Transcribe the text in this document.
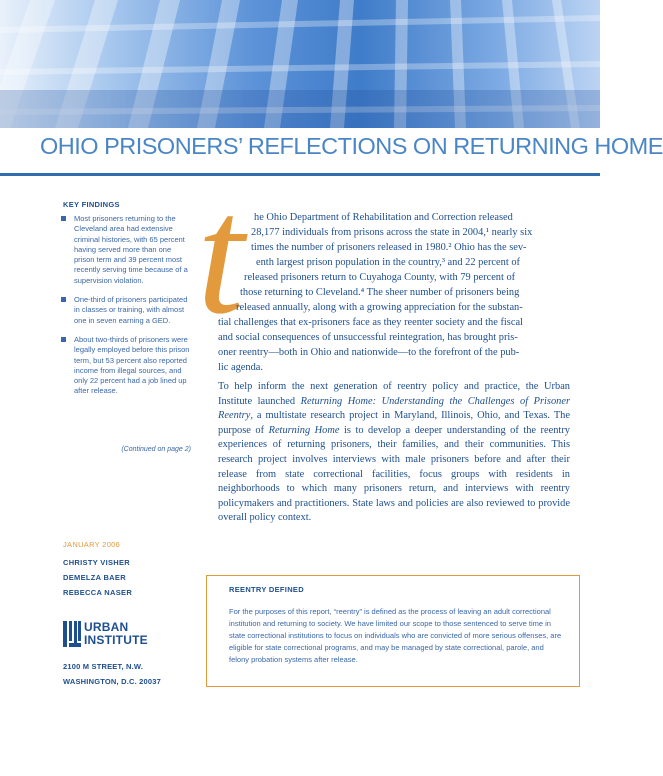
OHIO PRISONERS’ REFLECTIONS ON RETURNING HOME
KEY FINDINGS
Most prisoners returning to the Cleveland area had extensive criminal histories, with 65 percent having served more than one prison term and 39 percent most recently serving time because of a supervision violation.
One-third of prisoners participated in classes or training, with almost one in seven earning a GED.
About two-thirds of prisoners were legally employed before this prison term, but 53 percent also reported income from illegal sources, and only 22 percent had a job lined up after release.
(Continued on page 2)
JANUARY 2006
CHRISTY VISHER
DEMELZA BAER
REBECCA NASER
URBAN
INSTITUTE
2100 M STREET, N.W.
WASHINGTON, D.C. 20037
t he Ohio Department of Rehabilitation and Correction released
28,177 individuals from prisons across the state in 2004,¹ nearly six
times the number of prisoners released in 1980.² Ohio has the sev-
enth largest prison population in the country,³ and 22 percent of
released prisoners return to Cuyahoga County, with 79 percent of
those returning to Cleveland.⁴ The sheer number of prisoners being
released annually, along with a growing appreciation for the substan-
tial challenges that ex-prisoners face as they reenter society and the fiscal
and social consequences of unsuccessful reintegration, has brought pris-
oner reentry—both in Ohio and nationwide—to the forefront of the pub-
lic agenda.

To help inform the next generation of reentry policy and practice, the Urban Institute launched Returning Home: Understanding the Challenges of Prisoner Reentry, a multistate research project in Maryland, Illinois, Ohio, and Texas. The purpose of Returning Home is to develop a deeper understanding of the reentry experiences of returning prisoners, their families, and their communities. This research project involves interviews with male prisoners before and after their release from state correctional facilities, focus groups with residents in neighborhoods to which many prisoners return, and interviews with reentry policymakers and practitioners. State laws and policies are also reviewed to provide overall policy context.

REENTRY DEFINED

For the purposes of this report, “reentry” is defined as the process of leaving an adult correctional institution and returning to society. We have limited our scope to those sentenced to serve time in state correctional institutions to focus on individuals who are convicted of more serious offenses, are eligible for state correctional programs, and may be managed by state correctional, parole, and felony probation systems after release.
